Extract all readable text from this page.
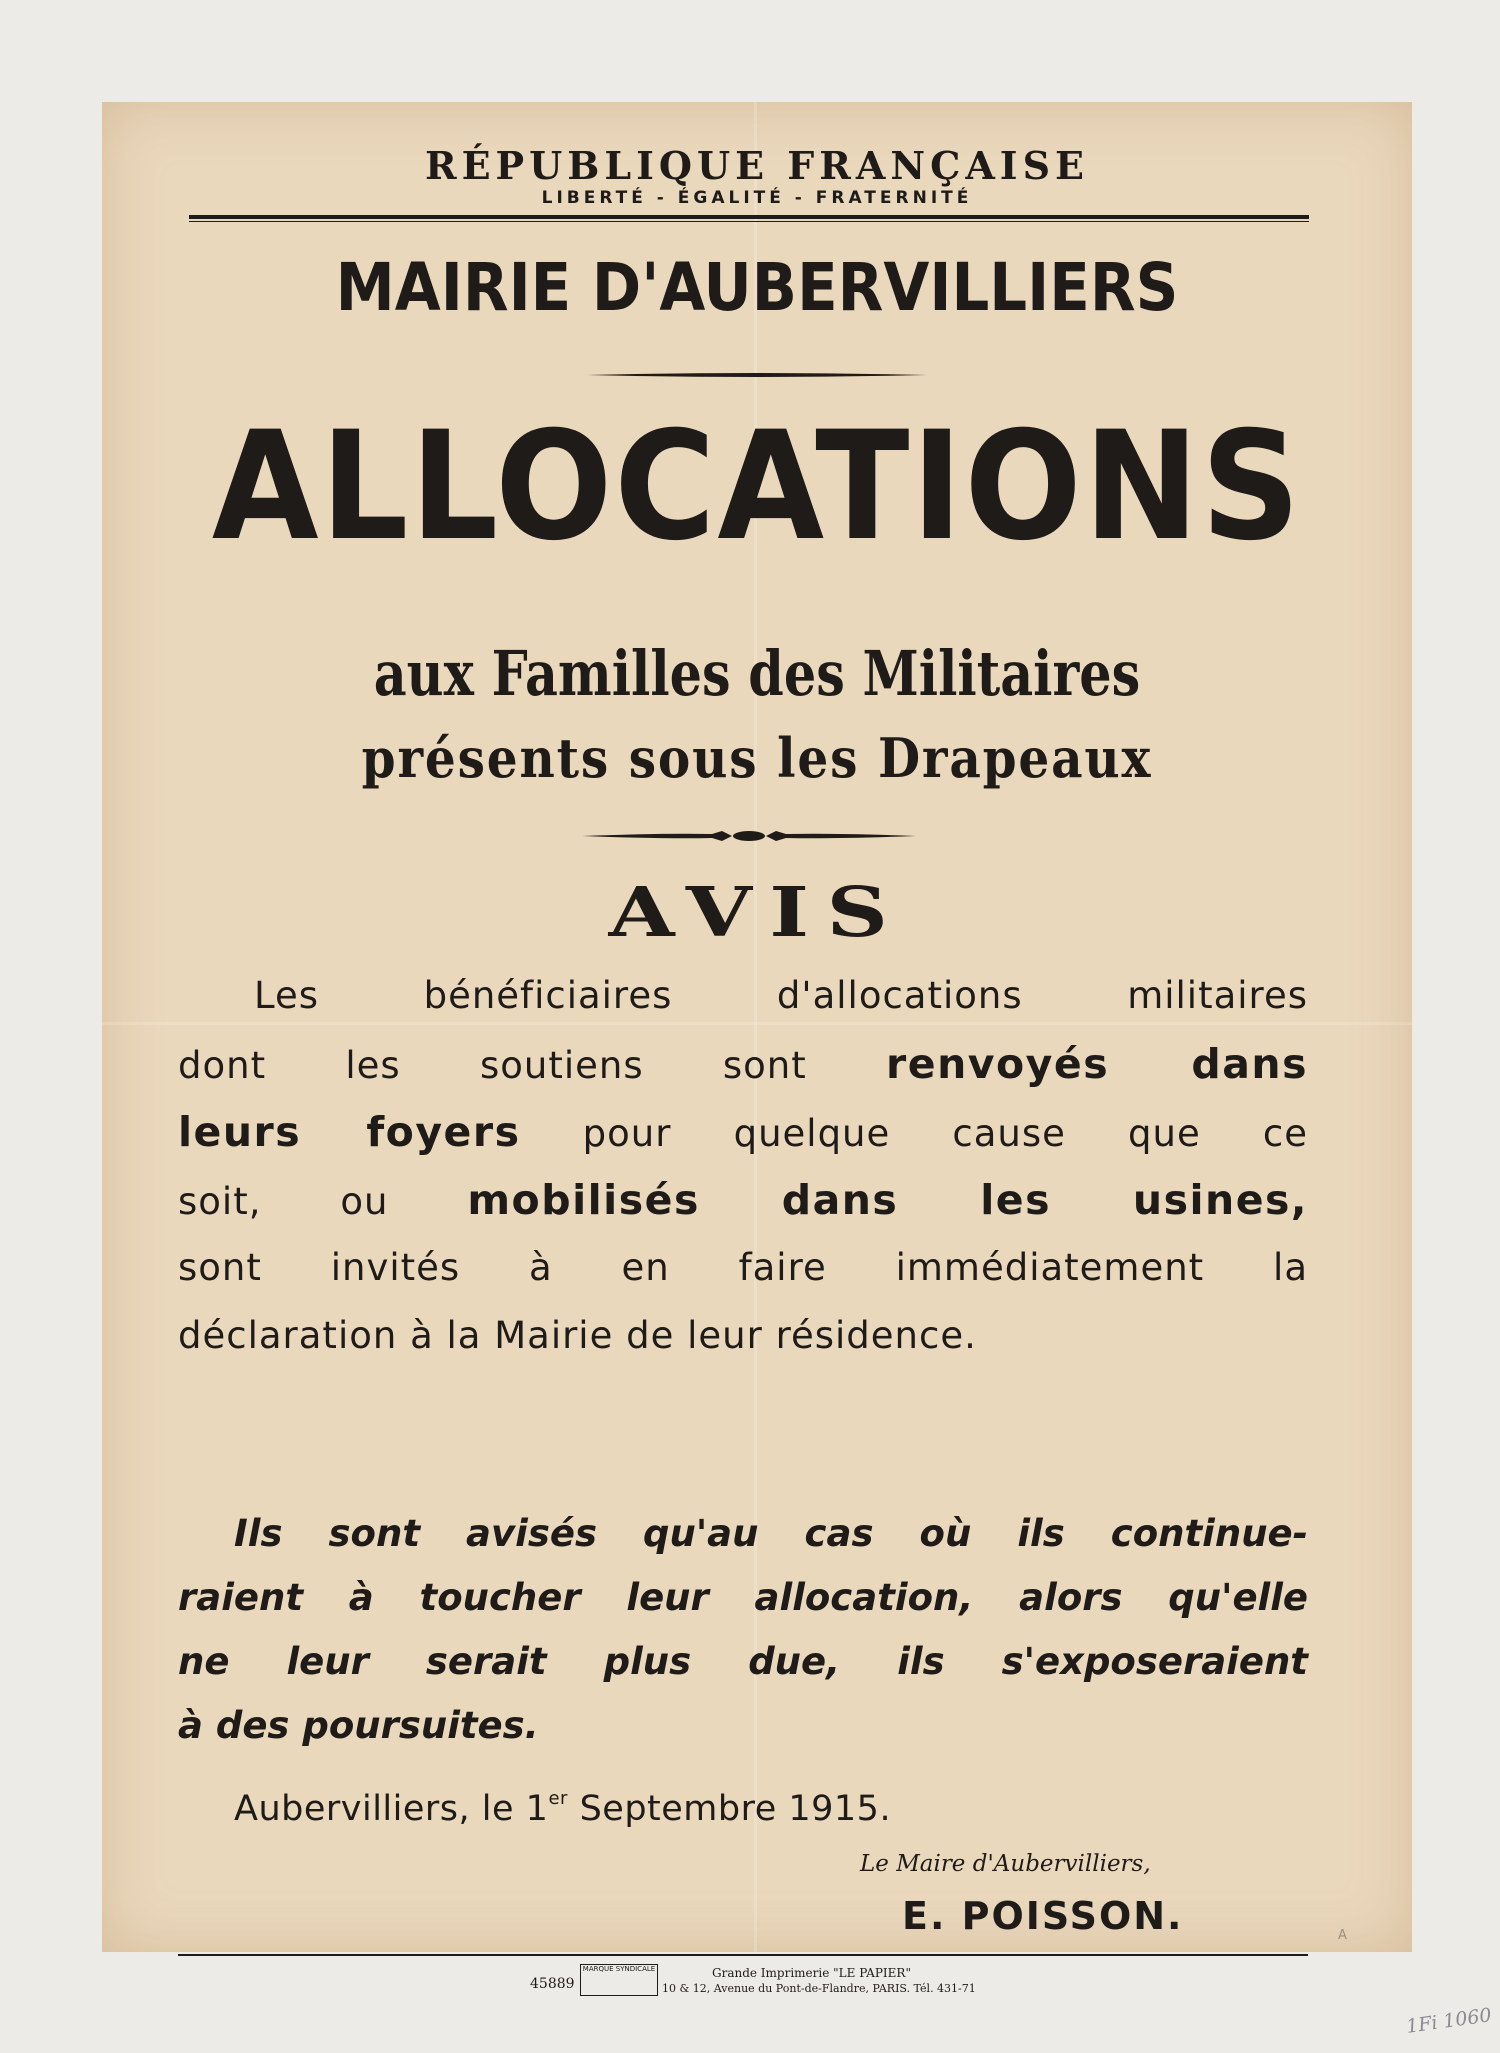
RÉPUBLIQUE FRANÇAISE
LIBERTÉ - ÉGALITÉ - FRATERNITÉ
MAIRIE D'AUBERVILLIERS
ALLOCATIONS
aux Familles des Militaires
présents sous les Drapeaux
AVIS
Les bénéficiaires d'allocations militaires
dont les soutiens sont renvoyés dans
leurs foyers pour quelque cause que ce
soit, ou mobilisés dans les usines,
sont invités à en faire immédiatement la
déclaration à la Mairie de leur résidence.
Ils sont avisés qu'au cas où ils continue-
raient à toucher leur allocation, alors qu'elle
ne leur serait plus due, ils s'exposeraient
à des poursuites.
Aubervilliers, le 1er Septembre 1915.
Le Maire d'Aubervilliers,
E. POISSON.
45889
MARQUE SYNDICALE	Grande Imprimerie "LE PAPIER"
10 & 12, Avenue du Pont-de-Flandre, PARIS. Tél. 431-71
A
1Fi 1060
